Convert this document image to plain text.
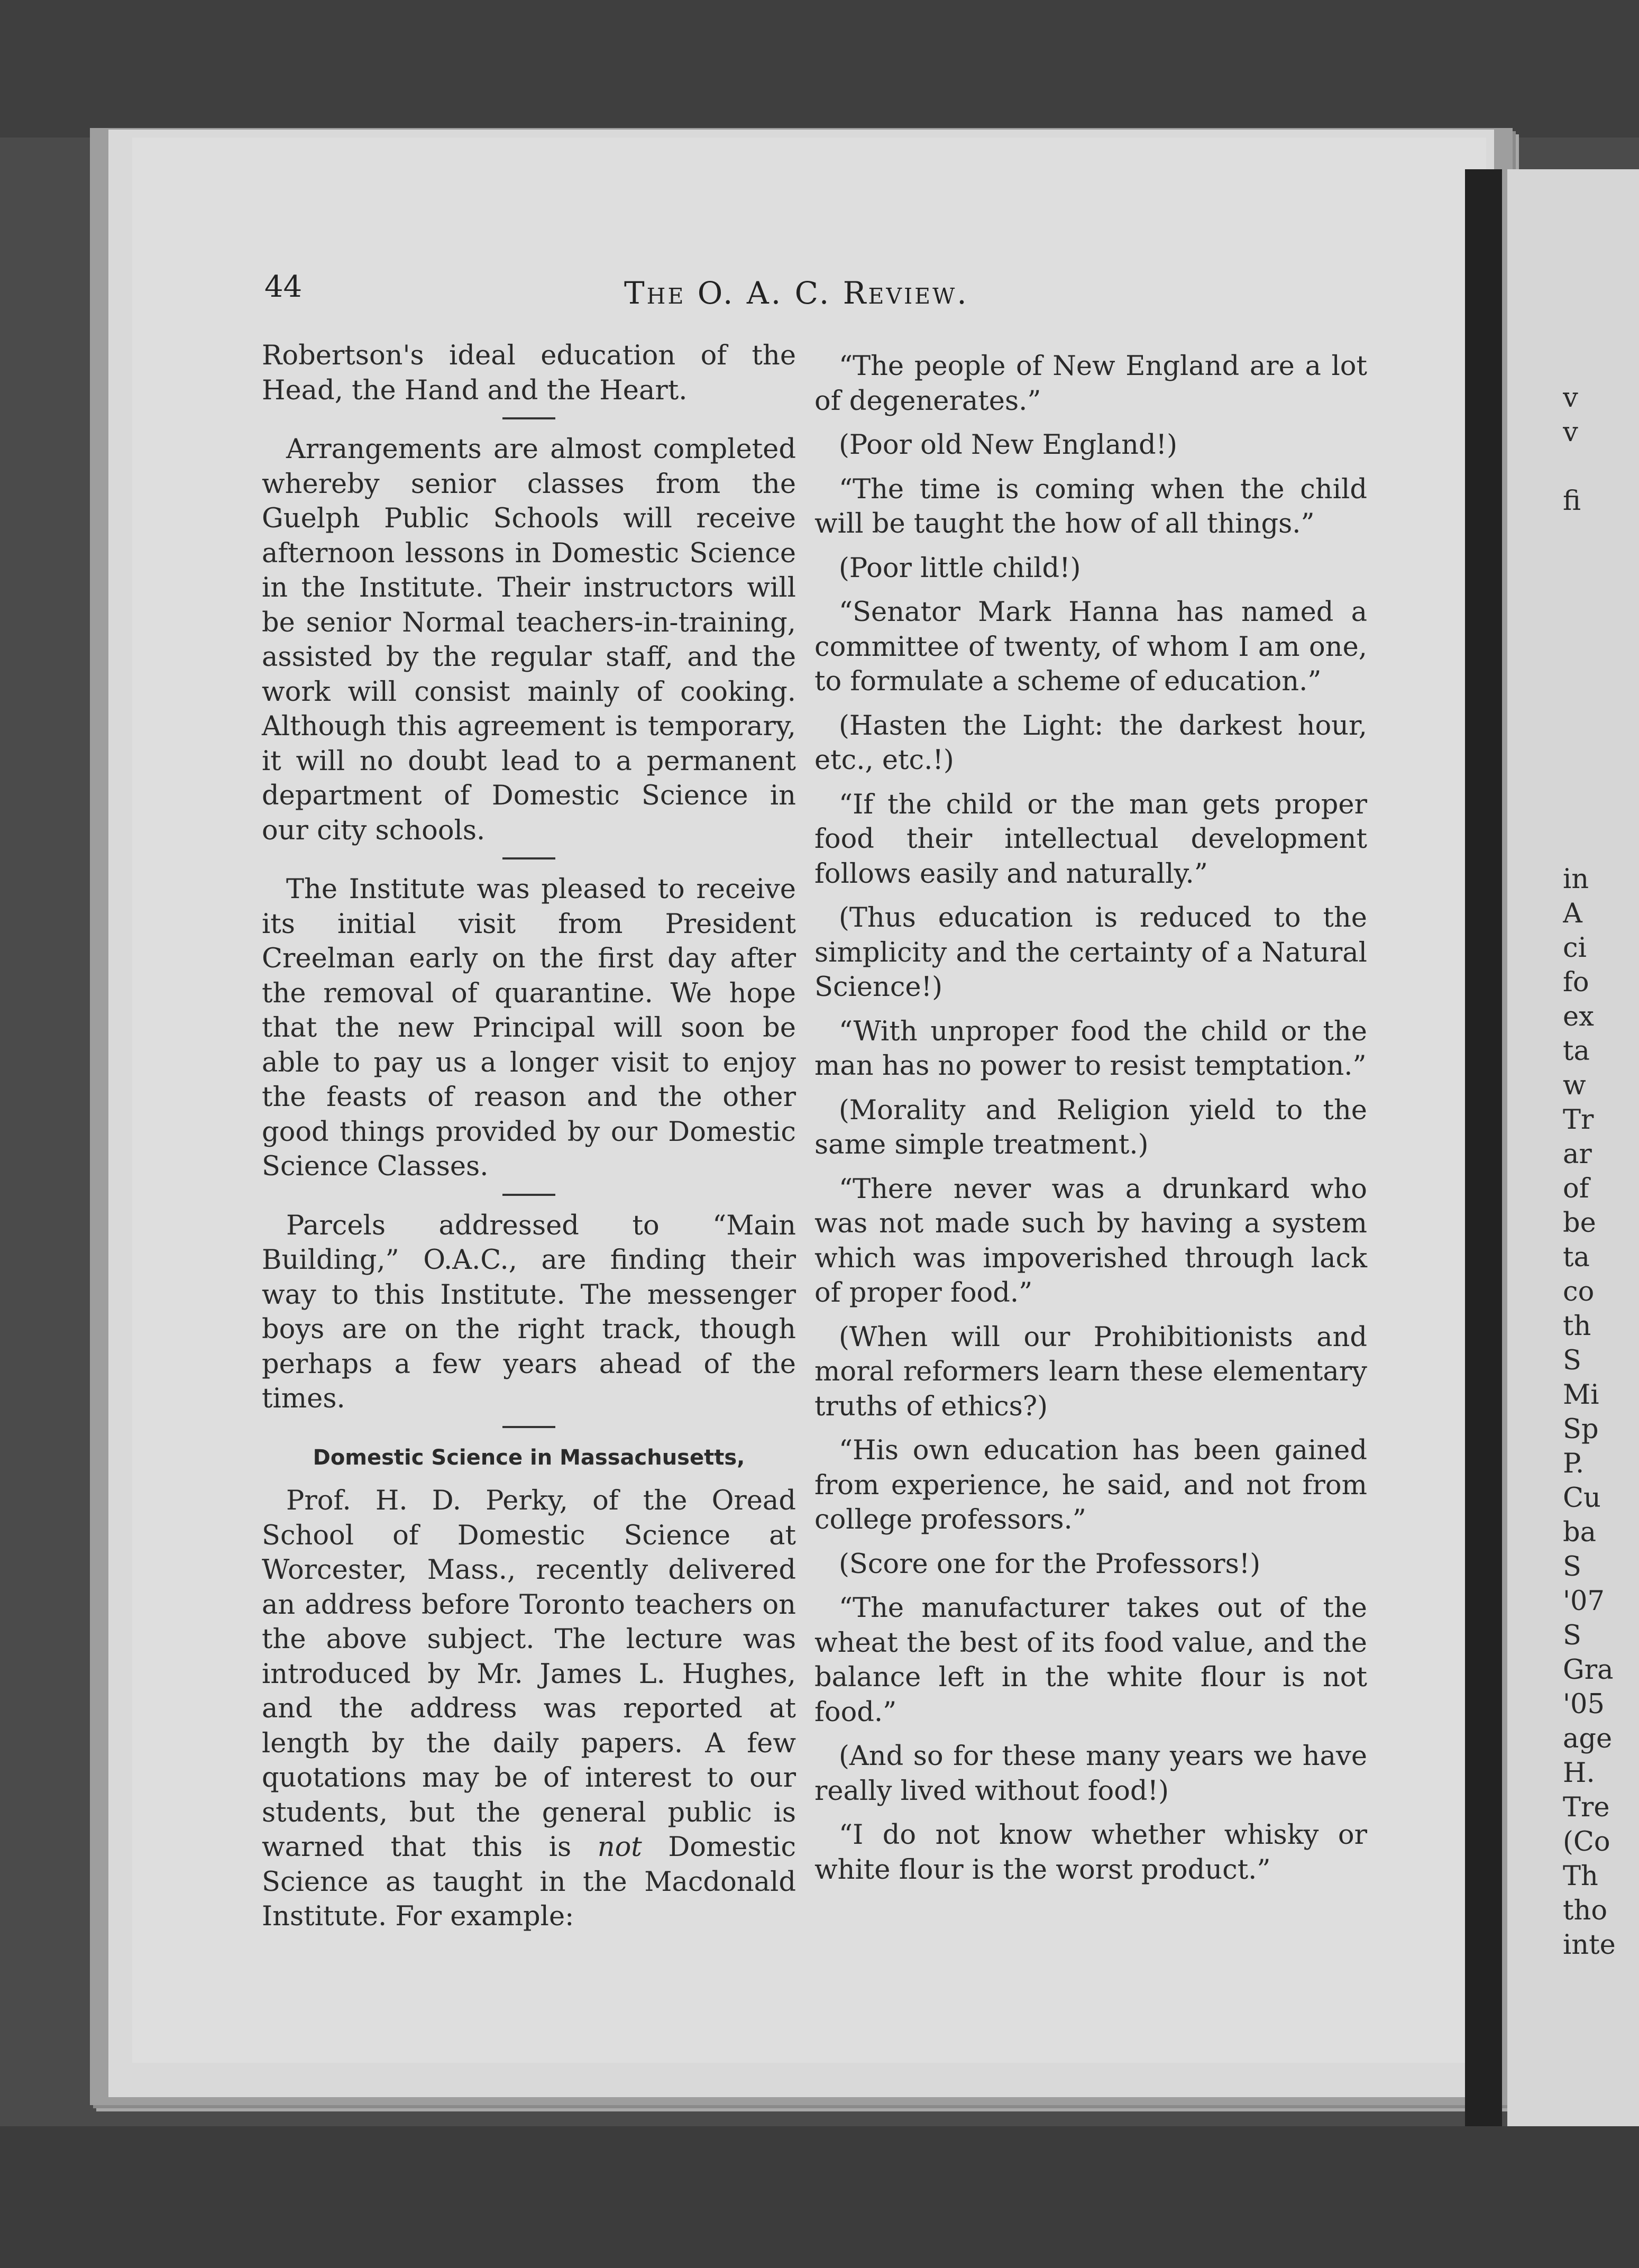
44	The O. A. C. Review.

Robertson's ideal education of the Head, the Hand and the Heart.

Arrangements are almost completed whereby senior classes from the Guelph Public Schools will receive afternoon lessons in Domestic Science in the Institute. Their instructors will be senior Normal teachers-in-training, assisted by the regular staff, and the work will consist mainly of cooking. Although this agreement is temporary, it will no doubt lead to a permanent department of Domestic Science in our city schools.

The Institute was pleased to receive its initial visit from President Creelman early on the first day after the removal of quarantine. We hope that the new Principal will soon be able to pay us a longer visit to enjoy the feasts of reason and the other good things provided by our Domestic Science Classes.

Parcels addressed to “Main Building,” O.A.C., are finding their way to this Institute. The messenger boys are on the right track, though perhaps a few years ahead of the times.

Domestic Science in Massachusetts,

Prof. H. D. Perky, of the Oread School of Domestic Science at Worcester, Mass., recently delivered an address before Toronto teachers on the above subject. The lecture was introduced by Mr. James L. Hughes, and the address was reported at length by the daily papers. A few quotations may be of interest to our students, but the general public is warned that this is not Domestic Science as taught in the Macdonald Institute. For example:

“The people of New England are a lot of degenerates.”

(Poor old New England!)

“The time is coming when the child will be taught the how of all things.”

(Poor little child!)

“Senator Mark Hanna has named a committee of twenty, of whom I am one, to formulate a scheme of education.”

(Hasten the Light: the darkest hour, etc., etc.!)

“If the child or the man gets proper food their intellectual development follows easily and naturally.”

(Thus education is reduced to the simplicity and the certainty of a Natural Science!)

“With unproper food the child or the man has no power to resist temptation.”

(Morality and Religion yield to the same simple treatment.)

“There never was a drunkard who was not made such by having a system which was impoverished through lack of proper food.”

(When will our Prohibitionists and moral reformers learn these elementary truths of ethics?)

“His own education has been gained from experience, he said, and not from college professors.”

(Score one for the Professors!)

“The manufacturer takes out of the wheat the best of its food value, and the balance left in the white flour is not food.”

(And so for these many years we have really lived without food!)

“I do not know whether whisky or white flour is the worst product.”

v
v
fi
in
A
ci
fo
ex
ta
w
Tr
ar
of
be
ta
co
th
S
Mi
Sp
P.
Cu
ba
S
'07
S
Gra
'05
age
H.
Tre
(Co
Th
tho
inte
